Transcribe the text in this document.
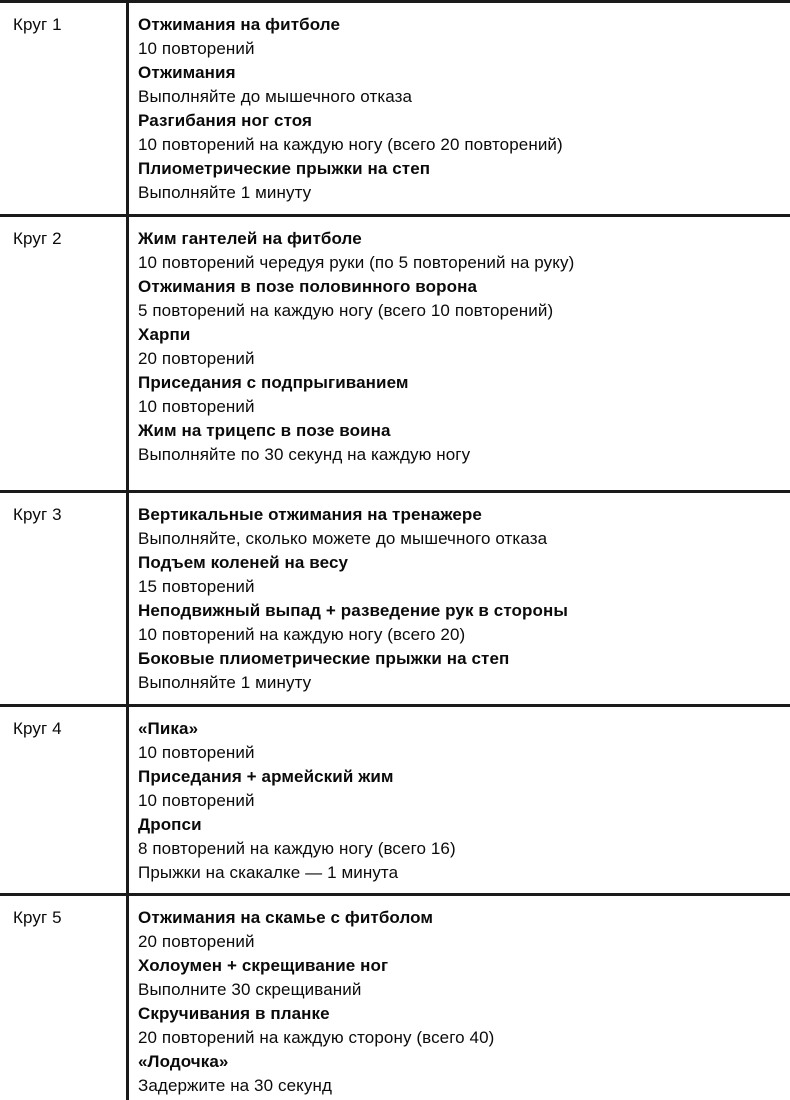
Круг 1	Отжимания на фитболе
10 повторений
Отжимания
Выполняйте до мышечного отказа
Разгибания ног стоя
10 повторений на каждую ногу (всего 20 повторений)
Плиометрические прыжки на степ
Выполняйте 1 минуту
Круг 2	Жим гантелей на фитболе
10 повторений чередуя руки (по 5 повторений на руку)
Отжимания в позе половинного ворона
5 повторений на каждую ногу (всего 10 повторений)
Харпи
20 повторений
Приседания с подпрыгиванием
10 повторений
Жим на трицепс в позе воина
Выполняйте по 30 секунд на каждую ногу
Круг 3	Вертикальные отжимания на тренажере
Выполняйте, сколько можете до мышечного отказа
Подъем коленей на весу
15 повторений
Неподвижный выпад + разведение рук в стороны
10 повторений на каждую ногу (всего 20)
Боковые плиометрические прыжки на степ
Выполняйте 1 минуту
Круг 4	«Пика»
10 повторений
Приседания + армейский жим
10 повторений
Дропси
8 повторений на каждую ногу (всего 16)
Прыжки на скакалке — 1 минута
Круг 5	Отжимания на скамье с фитболом
20 повторений
Холоумен + скрещивание ног
Выполните 30 скрещиваний
Скручивания в планке
20 повторений на каждую сторону (всего 40)
«Лодочка»
Задержите на 30 секунд
